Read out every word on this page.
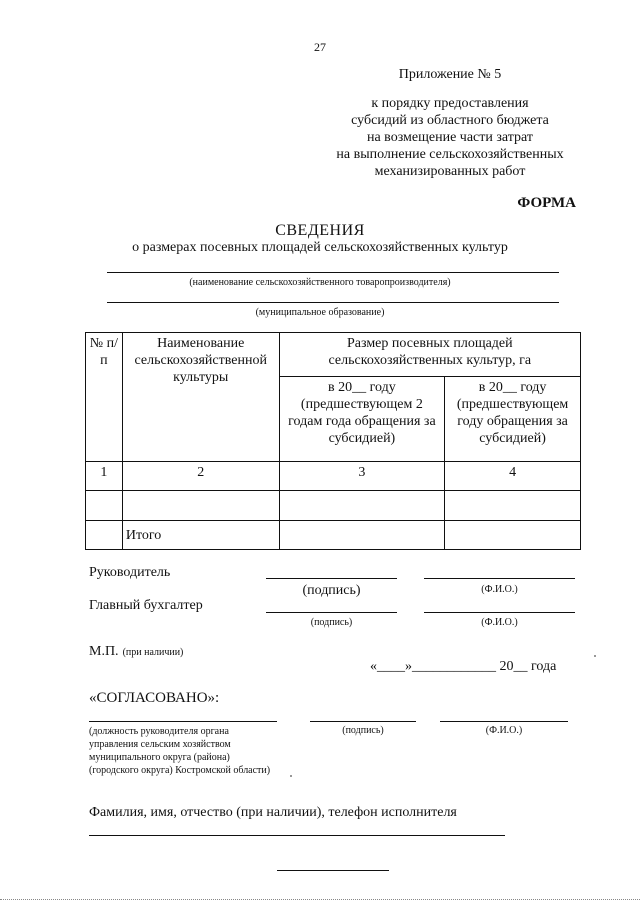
27
Приложение № 5
к порядку предоставления
субсидий из областного бюджета
на возмещение части затрат
на выполнение сельскохозяйственных
механизированных работ
ФОРМА
СВЕДЕНИЯ
о размерах посевных площадей сельскохозяйственных культур
(наименование сельскохозяйственного товаропроизводителя)
(муниципальное образование)
№ п/п	Наименование сельскохозяйственной культуры	Размер посевных площадей сельскохозяйственных культур, га	
		в 20__ году (предшествующем 2 годам года обращения за субсидией)	в 20__ году (предшествующем году обращения за субсидией)
1	2	3	4

	Итого		
Руководитель
(подпись)	(Ф.И.О.)
Главный бухгалтер
(подпись)	(Ф.И.О.)
М.П. (при наличии)
«____»____________ 20__ года
«СОГЛАСОВАНО»:
(должность руководителя органа управления сельским хозяйством муниципального округа (района) (городского округа) Костромской области)
(подпись)	(Ф.И.О.)
Фамилия, имя, отчество (при наличии), телефон исполнителя
